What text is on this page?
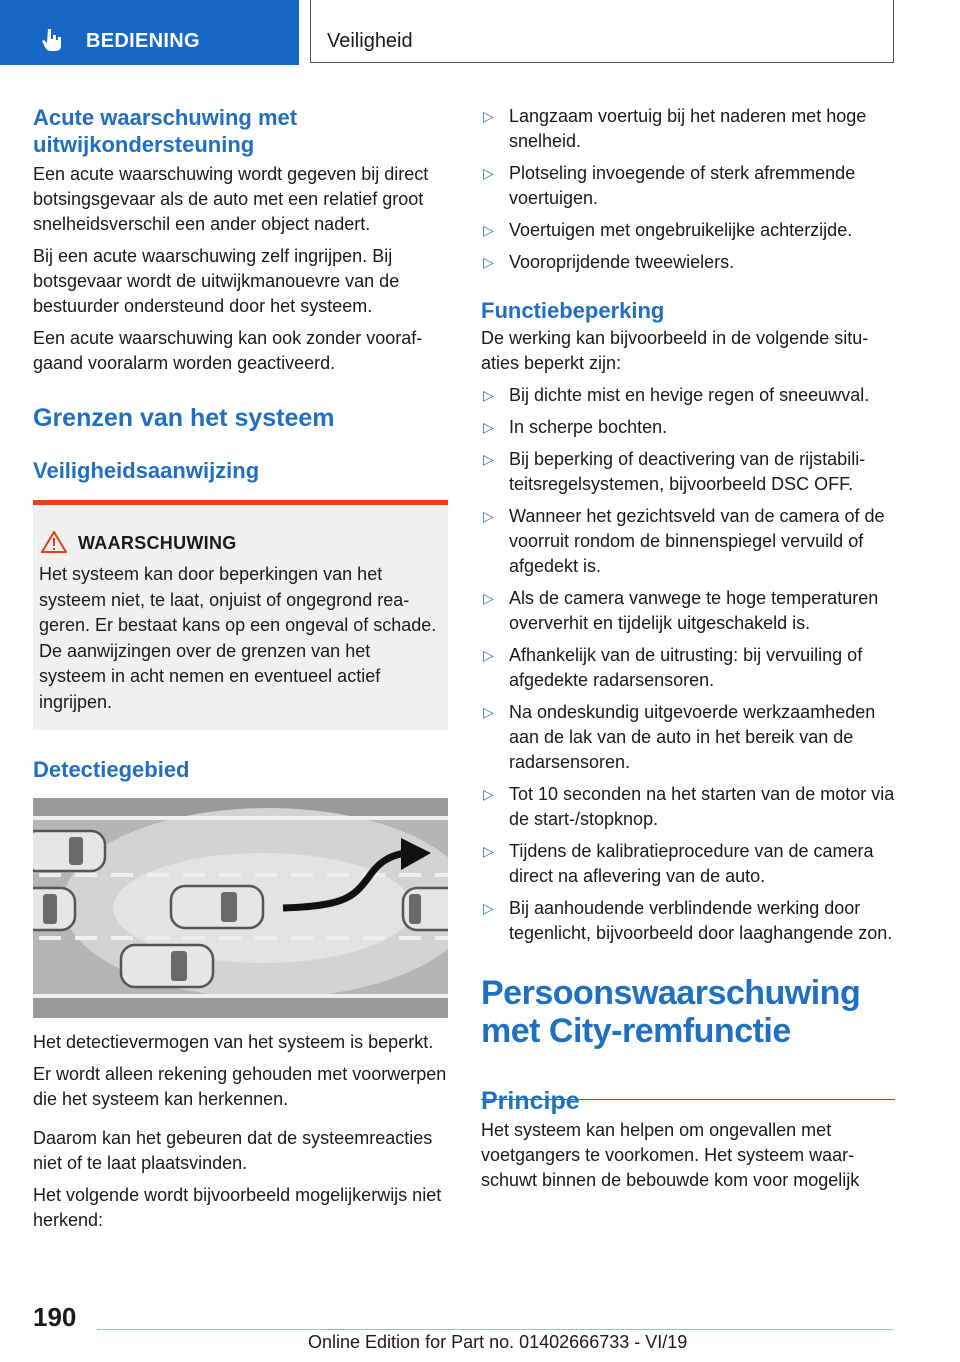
BEDIENING	Veiligheid
Acute waarschuwing met uitwijkondersteuning

Een acute waarschuwing wordt gegeven bij direct botsingsgevaar als de auto met een relatief groot snelheidsverschil een ander object nadert.

Bij een acute waarschuwing zelf ingrijpen. Bij botsgevaar wordt de uitwijkmanouevre van de bestuurder ondersteund door het systeem.

Een acute waarschuwing kan ook zonder voorafgaand vooralarm worden geactiveerd.

Grenzen van het systeem
Veiligheidsaanwijzing
WAARSCHUWING
Het systeem kan door beperkingen van het systeem niet, te laat, onjuist of ongegrond reageren. Er bestaat kans op een ongeval of schade. De aanwijzingen over de grenzen van het systeem in acht nemen en eventueel actief ingrijpen.
Detectiegebied

Het detectievermogen van het systeem is beperkt.

Er wordt alleen rekening gehouden met voorwerpen die het systeem kan herkennen.

Daarom kan het gebeuren dat de systeemreacties niet of te laat plaatsvinden.

Het volgende wordt bijvoorbeeld mogelijkerwijs niet herkend:

▷ Langzaam voertuig bij het naderen met hoge snelheid.
▷ Plotseling invoegende of sterk afremmende voertuigen.
▷ Voertuigen met ongebruikelijke achterzijde.
▷ Vooroprijdende tweewielers.
Functiebeperking

De werking kan bijvoorbeeld in de volgende situaties beperkt zijn:

▷ Bij dichte mist en hevige regen of sneeuwval.
▷ In scherpe bochten.
▷ Bij beperking of deactivering van de rijstabiliteitsregelsystemen, bijvoorbeeld DSC OFF.
▷ Wanneer het gezichtsveld van de camera of de voorruit rondom de binnenspiegel vervuild of afgedekt is.
▷ Als de camera vanwege te hoge temperaturen oververhit en tijdelijk uitgeschakeld is.
▷ Afhankelijk van de uitrusting: bij vervuiling of afgedekte radarsensoren.
▷ Na ondeskundig uitgevoerde werkzaamheden aan de lak van de auto in het bereik van de radarsensoren.
▷ Tot 10 seconden na het starten van de motor via de start-/stopknop.
▷ Tijdens de kalibratieprocedure van de camera direct na aflevering van de auto.
▷ Bij aanhoudende verblindende werking door tegenlicht, bijvoorbeeld door laaghangende zon.
Persoonswaarschuwing met City-remfunctie
Principe

Het systeem kan helpen om ongevallen met voetgangers te voorkomen. Het systeem waarschuwt binnen de bebouwde kom voor mogelijk

190
Online Edition for Part no. 01402666733 - VI/19
